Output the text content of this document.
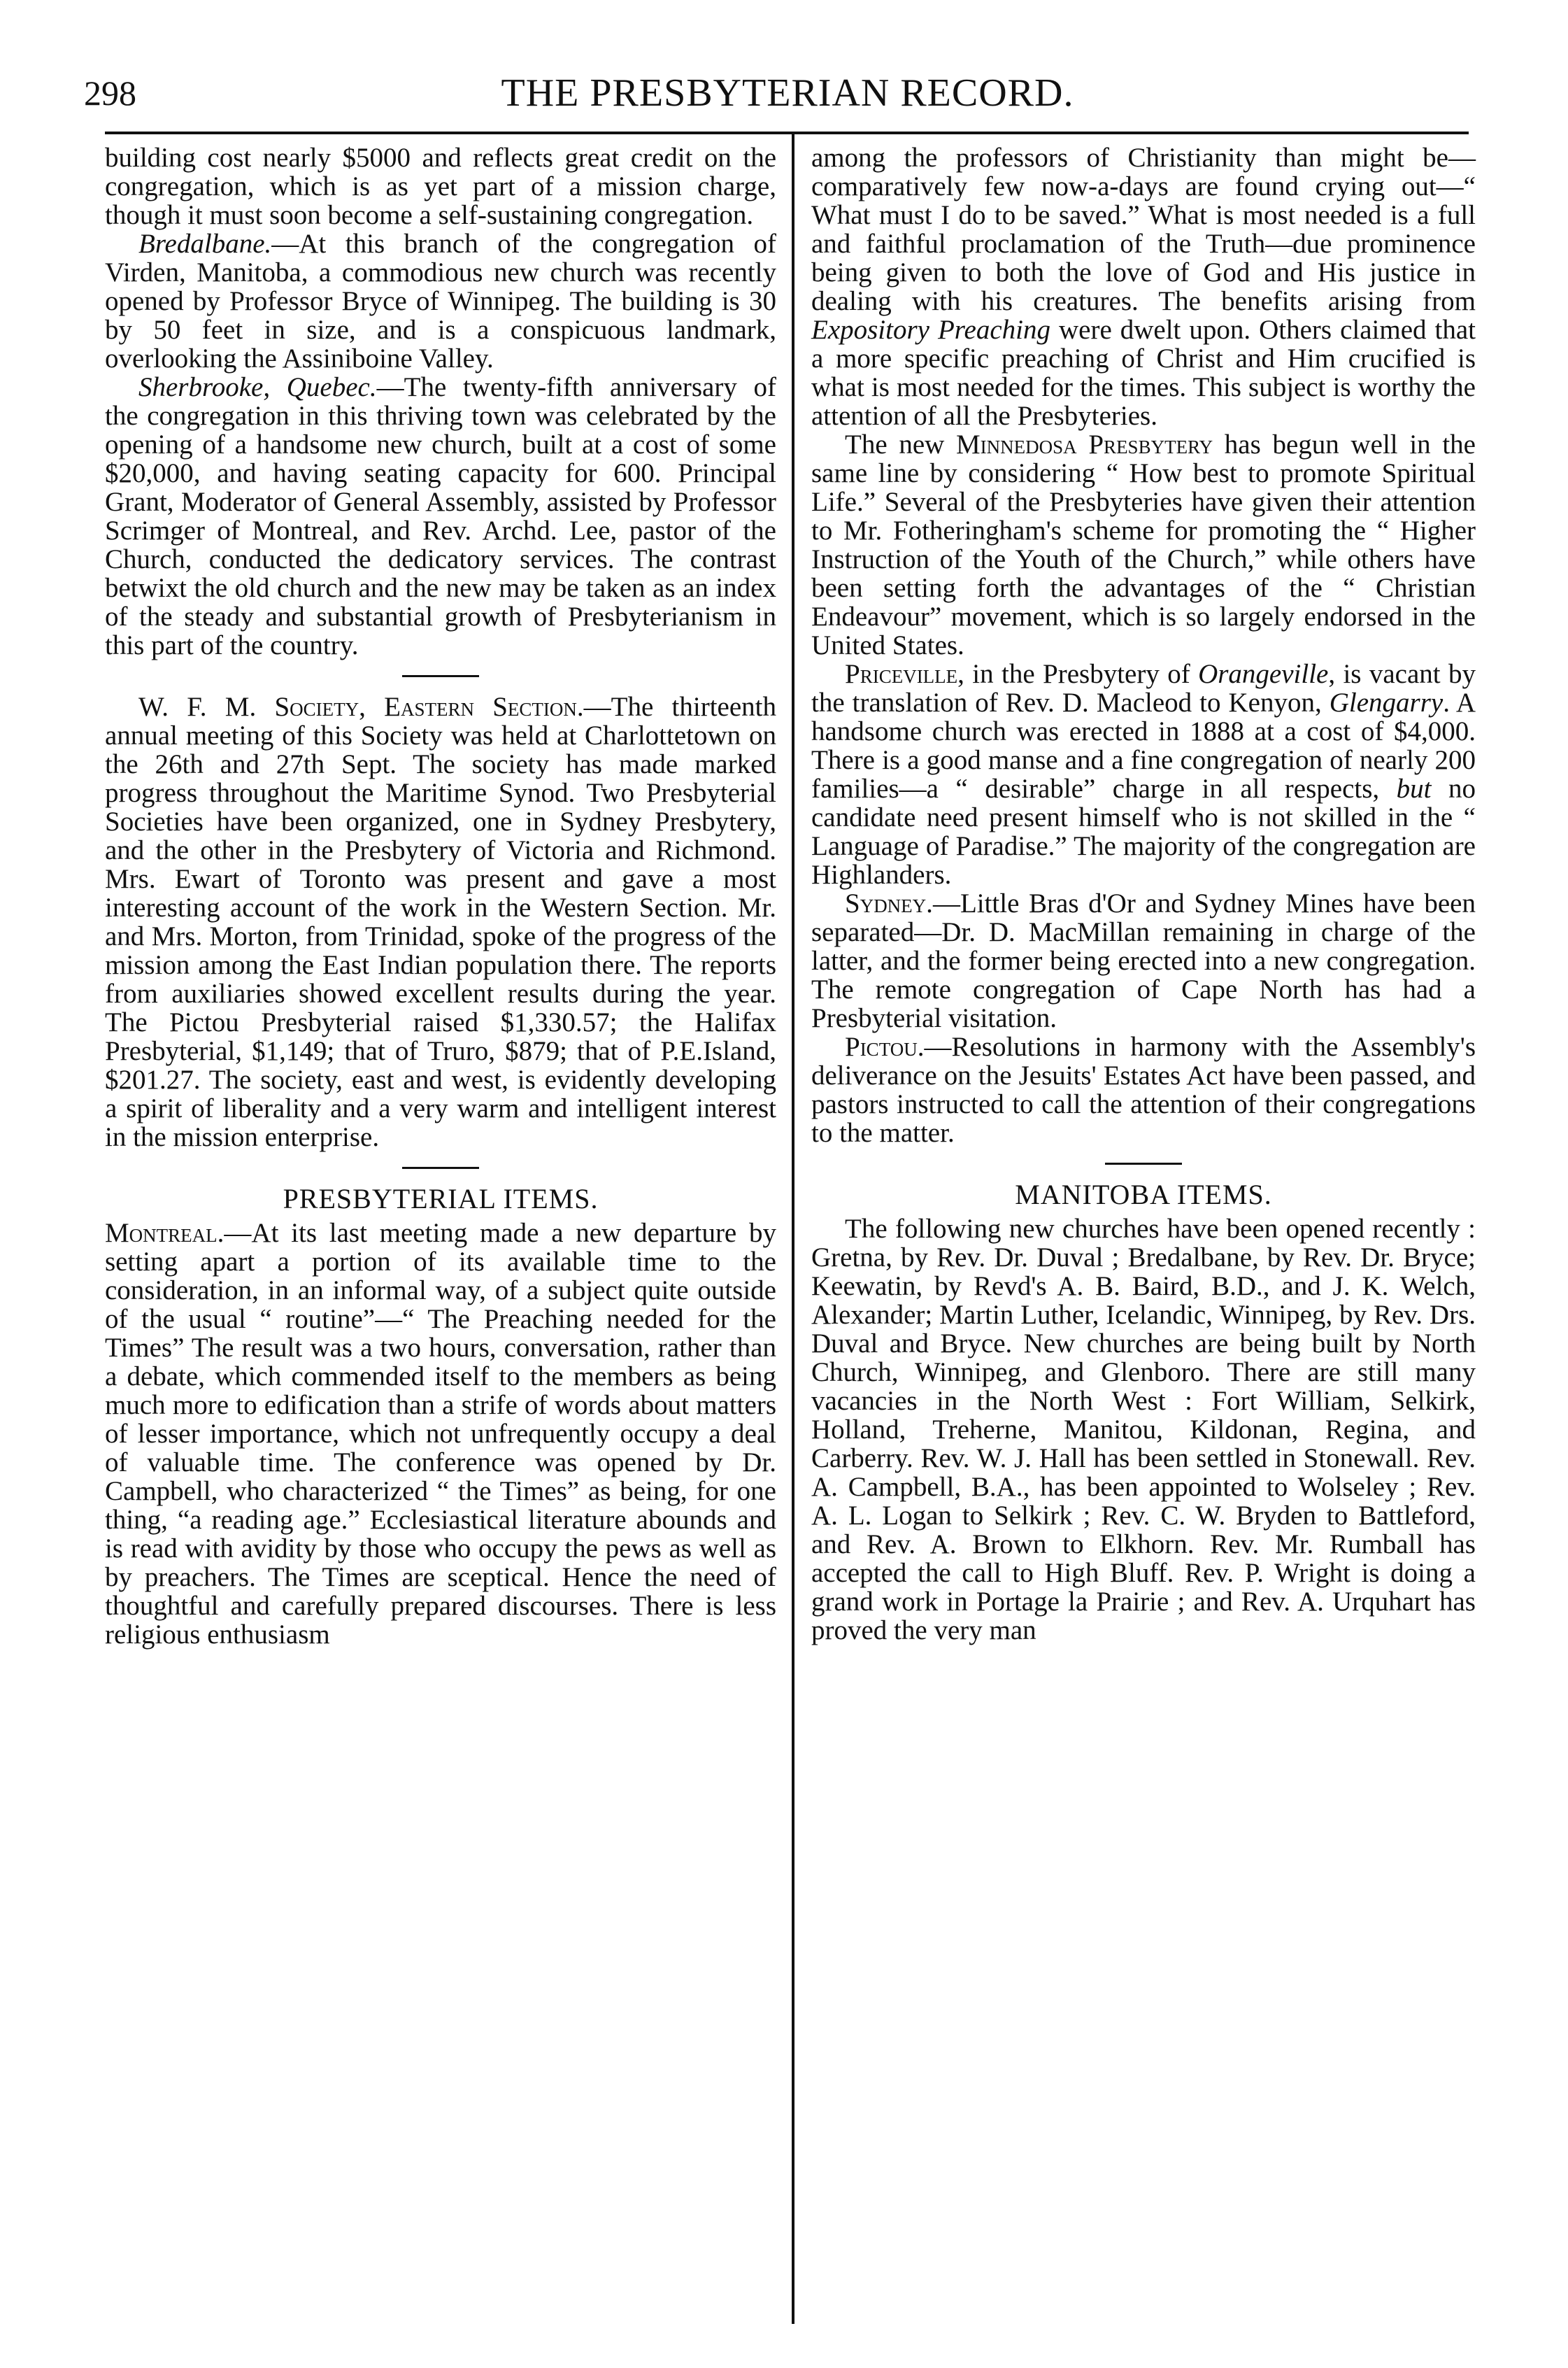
298	THE PRESBYTERIAN RECORD.

building cost nearly $5000 and reflects great credit on the congregation, which is as yet part of a mission charge, though it must soon become a self-sustaining congregation.

Bredalbane.—At this branch of the congregation of Virden, Manitoba, a commodious new church was recently opened by Professor Bryce of Winnipeg. The building is 30 by 50 feet in size, and is a conspicuous landmark, overlooking the Assiniboine Valley.

Sherbrooke, Quebec.—The twenty-fifth anniversary of the congregation in this thriving town was celebrated by the opening of a handsome new church, built at a cost of some $20,000, and having seating capacity for 600. Principal Grant, Moderator of General Assembly, assisted by Professor Scrimger of Montreal, and Rev. Archd. Lee, pastor of the Church, conducted the dedicatory services. The contrast betwixt the old church and the new may be taken as an index of the steady and substantial growth of Presbyterianism in this part of the country.

W. F. M. Society, Eastern Section.—The thirteenth annual meeting of this Society was held at Charlottetown on the 26th and 27th Sept. The society has made marked progress throughout the Maritime Synod. Two Presbyterial Societies have been organized, one in Sydney Presbytery, and the other in the Presbytery of Victoria and Richmond. Mrs. Ewart of Toronto was present and gave a most interesting account of the work in the Western Section. Mr. and Mrs. Morton, from Trinidad, spoke of the progress of the mission among the East Indian population there. The reports from auxiliaries showed excellent results during the year. The Pictou Presbyterial raised $1,330.57; the Halifax Presbyterial, $1,149; that of Truro, $879; that of P.E.Island, $201.27. The society, east and west, is evidently developing a spirit of liberality and a very warm and intelligent interest in the mission enterprise.

PRESBYTERIAL ITEMS.

Montreal.—At its last meeting made a new departure by setting apart a portion of its available time to the consideration, in an informal way, of a subject quite outside of the usual “ routine”—“ The Preaching needed for the Times” The result was a two hours, conversation, rather than a debate, which commended itself to the members as being much more to edification than a strife of words about matters of lesser importance, which not unfrequently occupy a deal of valuable time. The conference was opened by Dr. Campbell, who characterized “ the Times” as being, for one thing, “a reading age.” Ecclesiastical literature abounds and is read with avidity by those who occupy the pews as well as by preachers. The Times are sceptical. Hence the need of thoughtful and carefully prepared discourses. There is less religious enthusiasm

among the professors of Christianity than might be—comparatively few now-a-days are found crying out—“ What must I do to be saved.” What is most needed is a full and faithful proclamation of the Truth—due prominence being given to both the love of God and His justice in dealing with his creatures. The benefits arising from Expository Preaching were dwelt upon. Others claimed that a more specific preaching of Christ and Him crucified is what is most needed for the times. This subject is worthy the attention of all the Presbyteries.

The new Minnedosa Presbytery has begun well in the same line by considering “ How best to promote Spiritual Life.” Several of the Presbyteries have given their attention to Mr. Fotheringham's scheme for promoting the “ Higher Instruction of the Youth of the Church,” while others have been setting forth the advantages of the “ Christian Endeavour” movement, which is so largely endorsed in the United States.

Priceville, in the Presbytery of Orangeville, is vacant by the translation of Rev. D. Macleod to Kenyon, Glengarry. A handsome church was erected in 1888 at a cost of $4,000. There is a good manse and a fine congregation of nearly 200 families—a “ desirable” charge in all respects, but no candidate need present himself who is not skilled in the “ Language of Paradise.” The majority of the congregation are Highlanders.

Sydney.—Little Bras d'Or and Sydney Mines have been separated—Dr. D. MacMillan remaining in charge of the latter, and the former being erected into a new congregation. The remote congregation of Cape North has had a Presbyterial visitation.

Pictou.—Resolutions in harmony with the Assembly's deliverance on the Jesuits' Estates Act have been passed, and pastors instructed to call the attention of their congregations to the matter.

MANITOBA ITEMS.

The following new churches have been opened recently : Gretna, by Rev. Dr. Duval ; Bredalbane, by Rev. Dr. Bryce; Keewatin, by Revd's A. B. Baird, B.D., and J. K. Welch, Alexander; Martin Luther, Icelandic, Winnipeg, by Rev. Drs. Duval and Bryce. New churches are being built by North Church, Winnipeg, and Glenboro. There are still many vacancies in the North West : Fort William, Selkirk, Holland, Treherne, Manitou, Kildonan, Regina, and Carberry. Rev. W. J. Hall has been settled in Stonewall. Rev. A. Campbell, B.A., has been appointed to Wolseley ; Rev. A. L. Logan to Selkirk ; Rev. C. W. Bryden to Battleford, and Rev. A. Brown to Elkhorn. Rev. Mr. Rumball has accepted the call to High Bluff. Rev. P. Wright is doing a grand work in Portage la Prairie ; and Rev. A. Urquhart has proved the very man
